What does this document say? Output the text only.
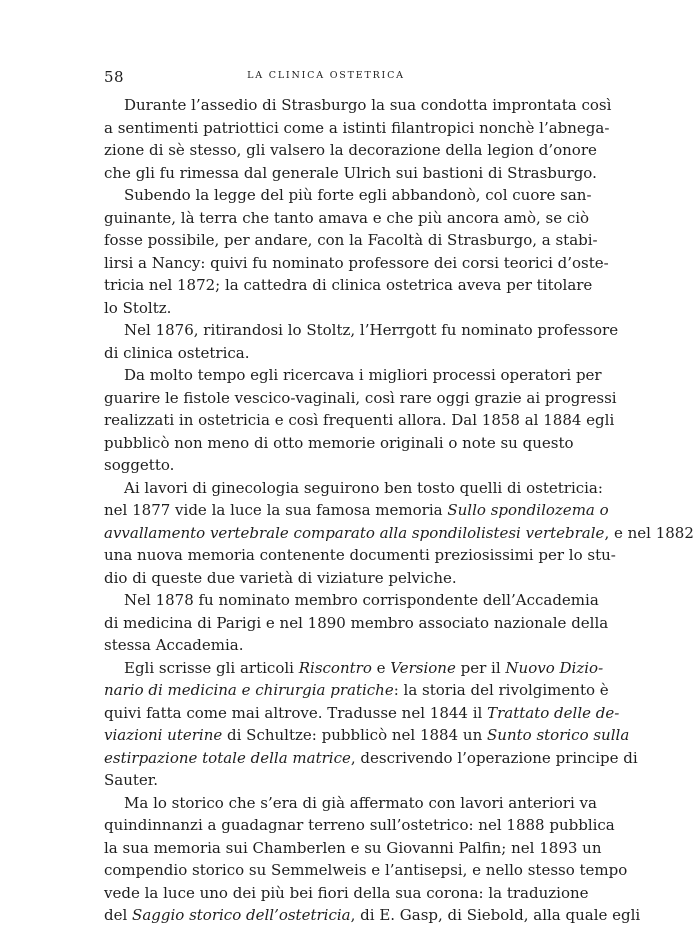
58	LA CLINICA OSTETRICA
Durante l’assedio di Strasburgo la sua condotta improntata così
a sentimenti patriottici come a istinti filantropici nonchè l’abnega-
zione di sè stesso, gli valsero la decorazione della legion d’onore
che gli fu rimessa dal generale Ulrich sui bastioni di Strasburgo.
Subendo la legge del più forte egli abbandonò, col cuore san-
guinante, là terra che tanto amava e che più ancora amò, se ciò
fosse possibile, per andare, con la Facoltà di Strasburgo, a stabi-
lirsi a Nancy: quivi fu nominato professore dei corsi teorici d’oste-
tricia nel 1872; la cattedra di clinica ostetrica aveva per titolare
lo Stoltz.
Nel 1876, ritirandosi lo Stoltz, l’Herrgott fu nominato professore
di clinica ostetrica.
Da molto tempo egli ricercava i migliori processi operatori per
guarire le fistole vescico-vaginali, così rare oggi grazie ai progressi
realizzati in ostetricia e così frequenti allora. Dal 1858 al 1884 egli
pubblicò non meno di otto memorie originali o note su questo
soggetto.
Ai lavori di ginecologia seguirono ben tosto quelli di ostetricia:
nel 1877 vide la luce la sua famosa memoria Sullo spondilozema o
avvallamento vertebrale comparato alla spondilolistesi vertebrale, e nel 1882
una nuova memoria contenente documenti preziosissimi per lo stu-
dio di queste due varietà di viziature pelviche.
Nel 1878 fu nominato membro corrispondente dell’Accademia
di medicina di Parigi e nel 1890 membro associato nazionale della
stessa Accademia.
Egli scrisse gli articoli Riscontro e Versione per il Nuovo Dizio-
nario di medicina e chirurgia pratiche: la storia del rivolgimento è
quivi fatta come mai altrove. Tradusse nel 1844 il Trattato delle de-
viazioni uterine di Schultze: pubblicò nel 1884 un Sunto storico sulla
estirpazione totale della matrice, descrivendo l’operazione principe di
Sauter.
Ma lo storico che s’era di già affermato con lavori anteriori va
quindinnanzi a guadagnar terreno sull’ostetrico: nel 1888 pubblica
la sua memoria sui Chamberlen e su Giovanni Palfin; nel 1893 un
compendio storico su Semmelweis e l’antisepsi, e nello stesso tempo
vede la luce uno dei più bei fiori della sua corona: la traduzione
del Saggio storico dell’ostetricia, di E. Gasp, di Siebold, alla quale egli
